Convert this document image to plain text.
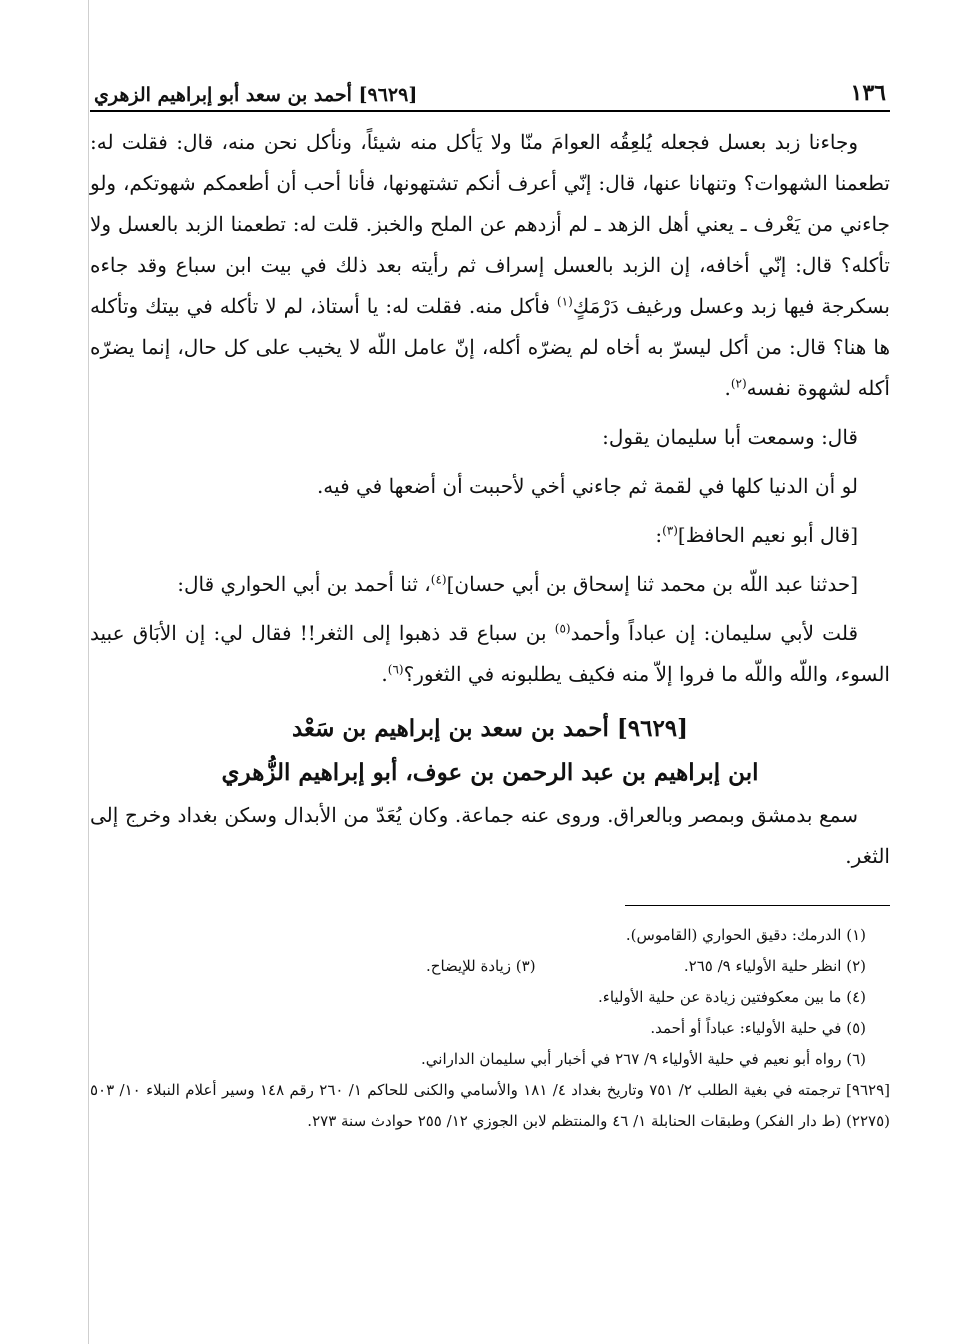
١٣٦
[٩٦٢٩] أحمد بن سعد أبو إبراهيم الزهري

وجاءنا زبد بعسل فجعله يُلعِقُه العوامَ منّا ولا يَأكل منه شيئاً، ونأكل نحن منه، قال: فقلت له: تطعمنا الشهوات؟ وتنهانا عنها، قال: إنّي أعرف أنكم تشتهونها، فأنا أحب أن أطعمكم شهوتكم، ولو جاءني من يَعْرف ـ يعني أهل الزهد ـ لم أزدهم عن الملح والخبز. قلت له: تطعمنا الزبد بالعسل ولا تأكله؟ قال: إنّي أخافه، إن الزبد بالعسل إسراف ثم رأيته بعد ذلك في بيت ابن سباع وقد جاءه بسكرجة فيها زبد وعسل ورغيف دَرْمَكٍ$^{(١)}$ فأكل منه. فقلت له: يا أستاذ، لم لا تأكله في بيتك وتأكله ها هنا؟ قال: من أكل ليسرّ به أخاه لم يضرّه أكله، إنّ عامل اللّه لا يخيب على كل حال، إنما يضرّه أكله لشهوة نفسه$^{(٢)}$.

قال: وسمعت أبا سليمان يقول:

لو أن الدنيا كلها في لقمة ثم جاءني أخي لأحببت أن أضعها في فيه.

[قال أبو نعيم الحافظ]$^{(٣)}$:

[حدثنا عبد اللّه بن محمد ثنا إسحاق بن أبي حسان]$^{(٤)}$، ثنا أحمد بن أبي الحواري قال:

قلت لأبي سليمان: إن عباداً وأحمد$^{(٥)}$ بن سباع قد ذهبوا إلى الثغر!! فقال لي: إن الأبَاق عبيد السوء، واللّه واللّه ما فروا إلاّ منه فكيف يطلبونه في الثغور؟$^{(٦)}$.

[٩٦٢٩] أحمد بن سعد بن إبراهيم بن سَعْد
ابن إبراهيم بن عبد الرحمن بن عوف، أبو إبراهيم الزُّهري

سمع بدمشق وبمصر وبالعراق. وروى عنه جماعة. وكان يُعَدّ من الأبدال وسكن بغداد وخرج إلى الثغر.

(١) الدرمك: دقيق الحواري (القاموس).
(٢) انظر حلية الأولياء ٩/ ٢٦٥.
(٣) زيادة للإيضاح.
(٤) ما بين معكوفتين زيادة عن حلية الأولياء.
(٥) في حلية الأولياء: عباداً أو أحمد.
(٦) رواه أبو نعيم في حلية الأولياء ٩/ ٢٦٧ في أخبار أبي سليمان الداراني.
[٩٦٢٩] ترجمته في بغية الطلب ٢/ ٧٥١ وتاريخ بغداد ٤/ ١٨١ والأسامي والكنى للحاكم ١/ ٢٦٠ رقم ١٤٨ وسير أعلام النبلاء ١٠/ ٥٠٣ (٢٢٧٥) (ط دار الفكر) وطبقات الحنابلة ١/ ٤٦ والمنتظم لابن الجوزي ١٢/ ٢٥٥ حوادث سنة ٢٧٣.
